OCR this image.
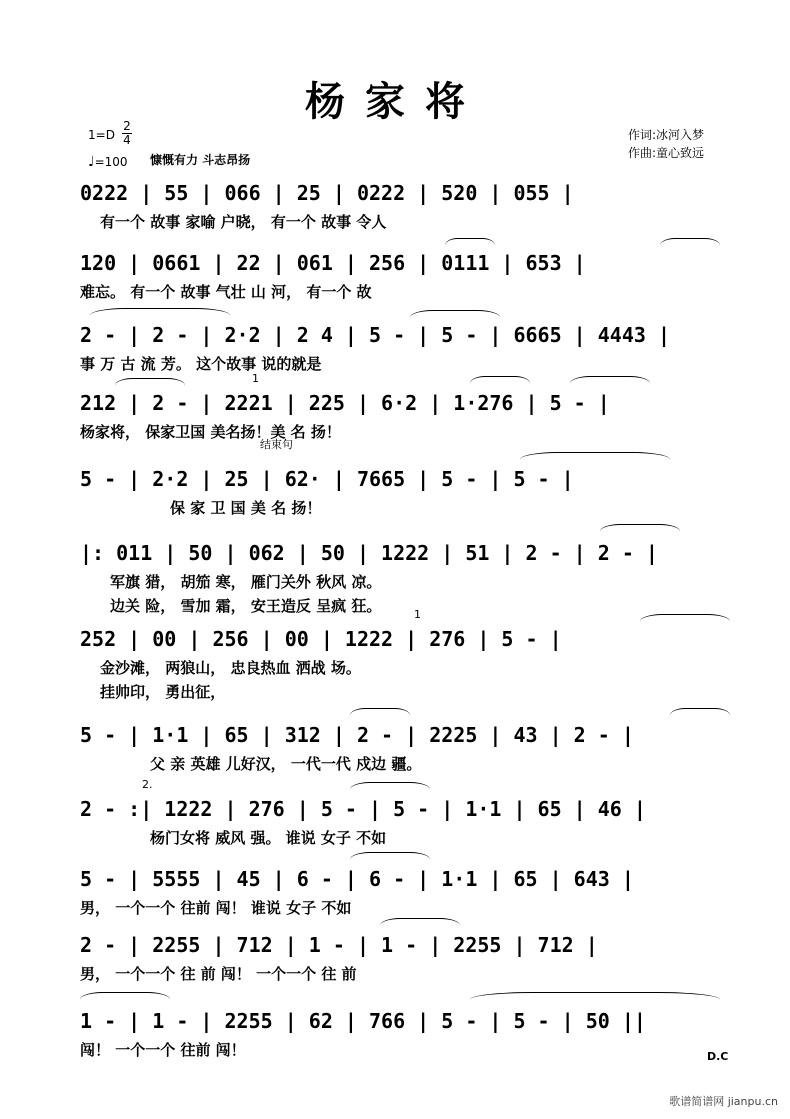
杨家将
1=D
2
4
♩=100 慷慨有力 斗志昂扬
作词:冰河入梦
作曲:童心致远
0222 | 55 | 066 | 25 | 0222 | 520 | 055 |
有一个 故事 家喻 户晓， 有一个 故事 令人
120 | 0661 | 22 | 061 | 256 | 0111 | 653 |
难忘。 有一个 故事 气壮 山 河， 有一个 故
2 - | 2 - | 2·2 | 2 4 | 5 - | 5 - | 6665 | 4443 |
事 万 古 流 芳。 这个故事 说的就是
1
212 | 2 - | 2221 | 225 | 6·2 | 1·276 | 5 - |
杨家将， 保家卫国 美名扬！美 名 扬！
结束句
5 - | 2·2 | 25 | 62· | 7665 | 5 - | 5 - |
保 家 卫 国 美 名 扬！
|: 011 | 50 | 062 | 50 | 1222 | 51 | 2 - | 2 - |
军旗 猎， 胡笳 寒， 雁门关外 秋风 凉。
边关 险， 雪加 霜， 安王造反 呈疯 狂。	1
252 | 00 | 256 | 00 | 1222 | 276 | 5 - |
金沙滩， 两狼山， 忠良热血 洒战 场。
挂帅印， 勇出征，
5 - | 1·1 | 65 | 312 | 2 - | 2225 | 43 | 2 - |
父 亲 英雄 儿好汉， 一代一代 戍边 疆。
2.
2 - :| 1222 | 276 | 5 - | 5 - | 1·1 | 65 | 46 |
杨门女将 威风 强。 谁说 女子 不如
5 - | 5555 | 45 | 6 - | 6 - | 1·1 | 65 | 643 |
男， 一个一个 往前 闯！ 谁说 女子 不如
2 - | 2255 | 712 | 1 - | 1 - | 2255 | 712 |
男， 一个一个 往 前 闯！ 一个一个 往 前
1 - | 1 - | 2255 | 62 | 766 | 5 - | 5 - | 50 ||
闯！ 一个一个 往前 闯！	D.C
歌谱简谱网 jianpu.cn
